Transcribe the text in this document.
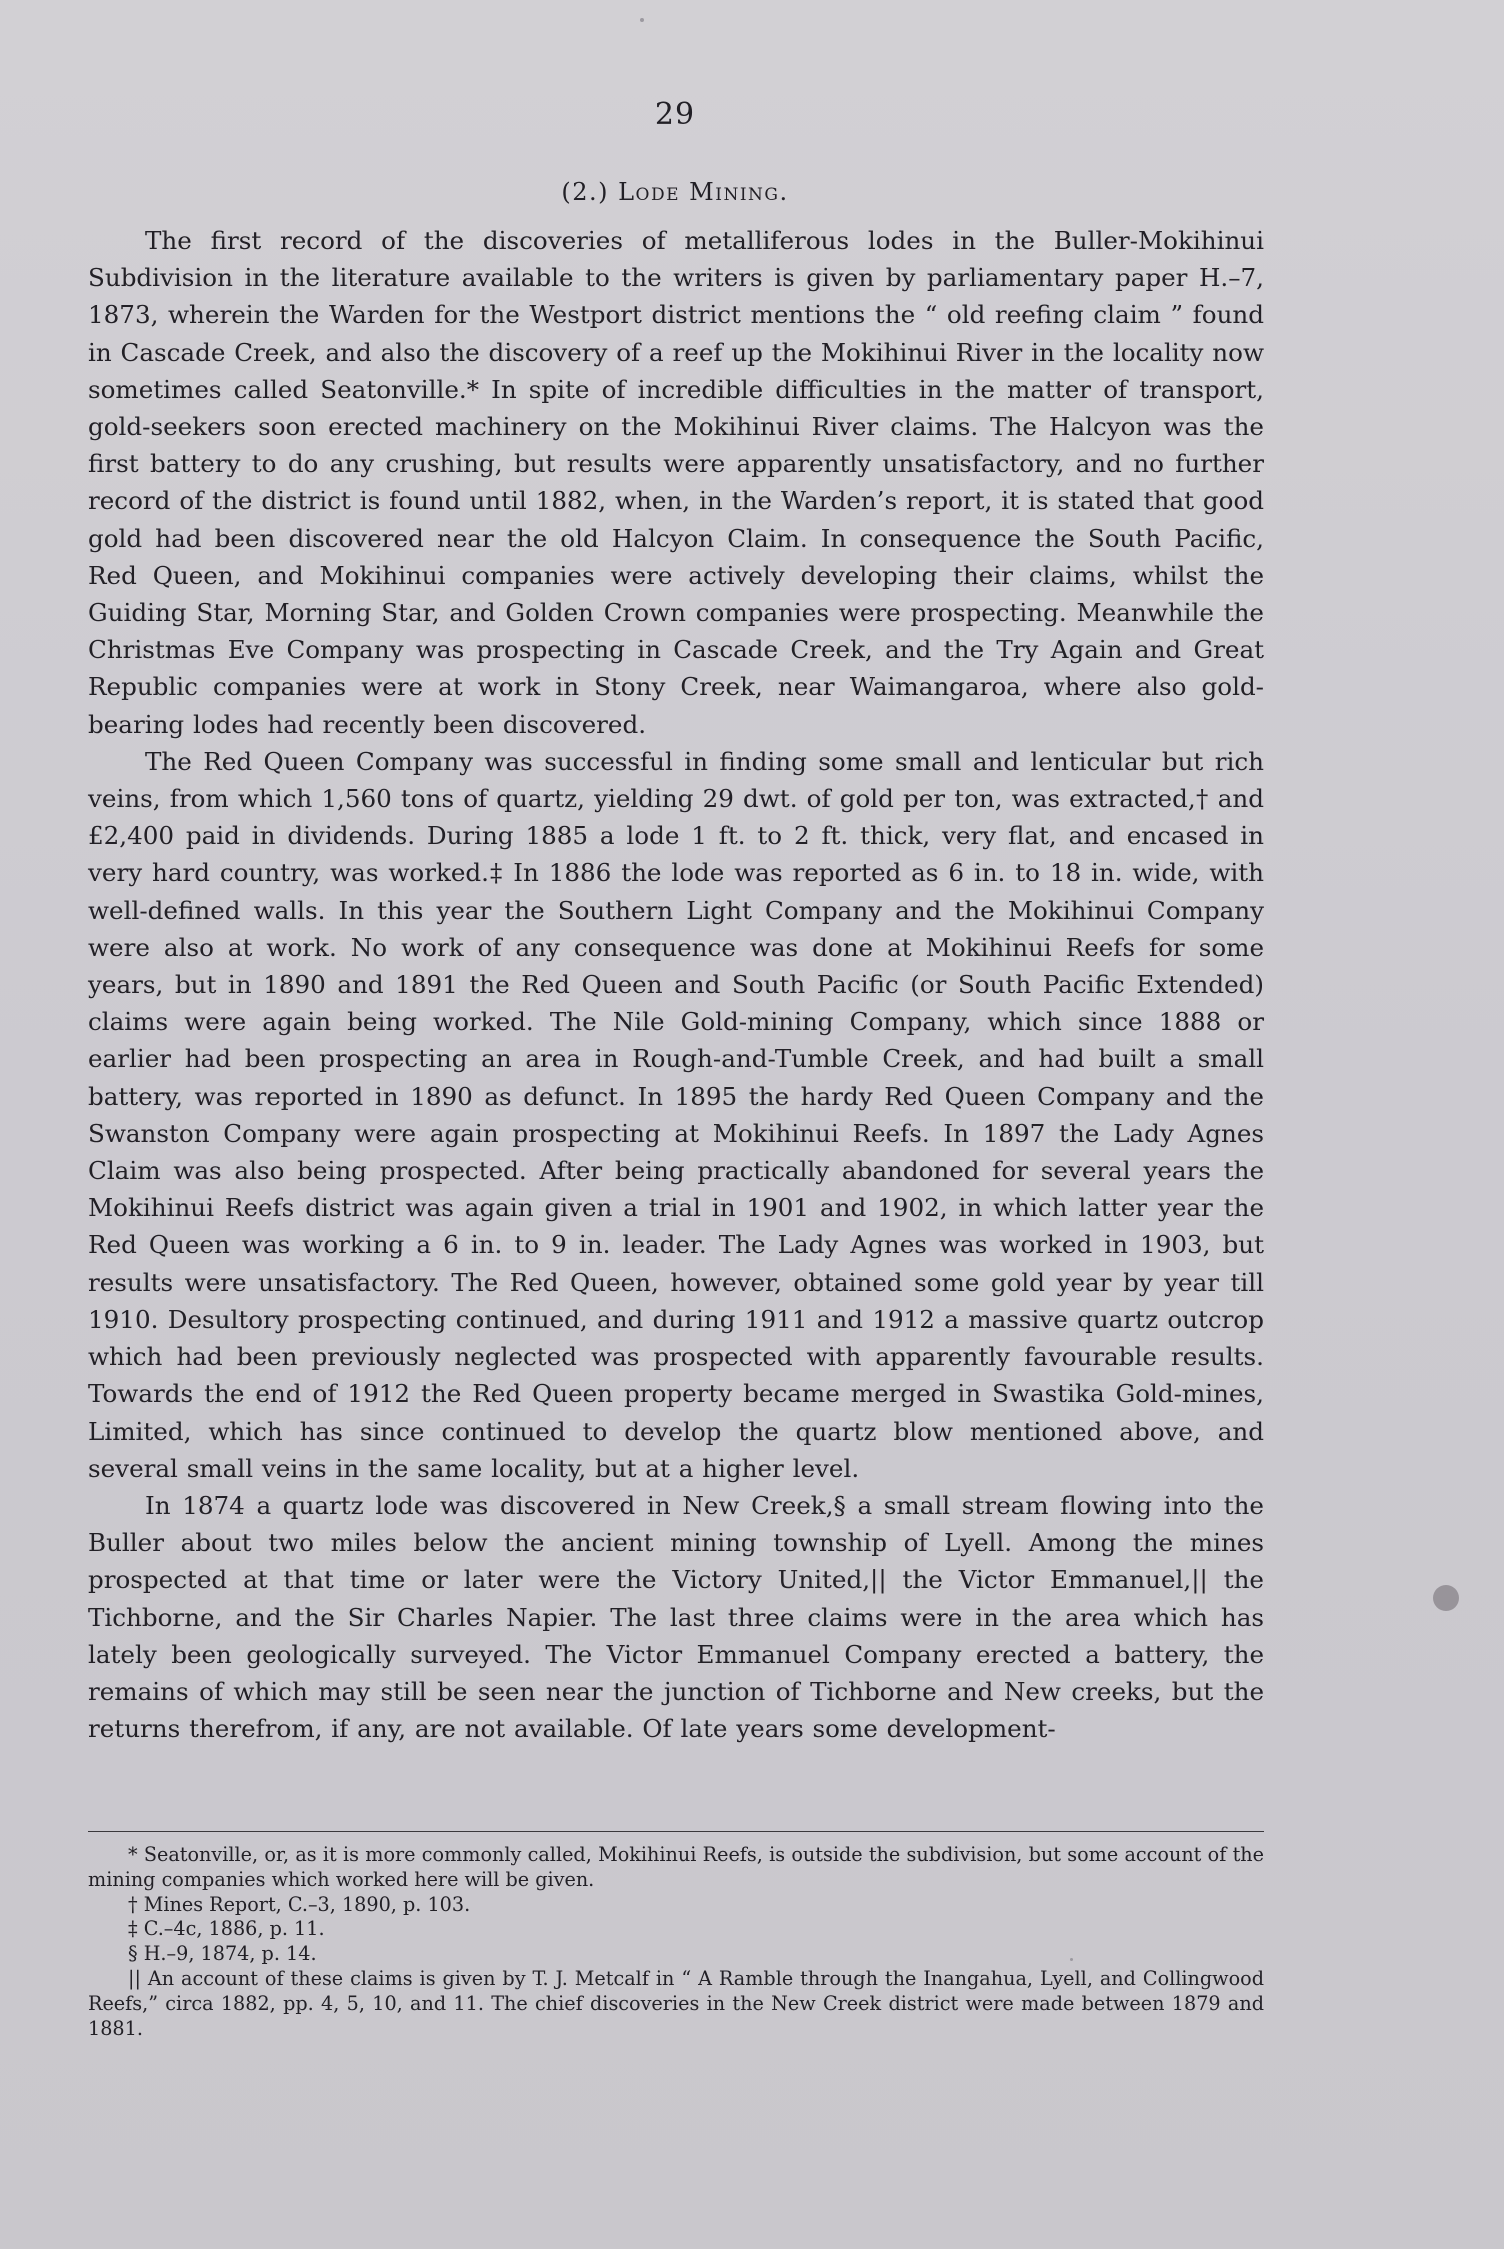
29
(2.) Lode Mining.

The first record of the discoveries of metalliferous lodes in the Buller-Mokihinui Subdivision in the literature available to the writers is given by parliamentary paper H.–7, 1873, wherein the Warden for the Westport district mentions the “ old reefing claim ” found in Cascade Creek, and also the discovery of a reef up the Mokihinui River in the locality now sometimes called Seatonville.* In spite of incredible difficulties in the matter of transport, gold-seekers soon erected machinery on the Mokihinui River claims. The Halcyon was the first battery to do any crushing, but results were apparently unsatisfactory, and no further record of the district is found until 1882, when, in the Warden’s report, it is stated that good gold had been discovered near the old Halcyon Claim. In consequence the South Pacific, Red Queen, and Mokihinui companies were actively developing their claims, whilst the Guiding Star, Morning Star, and Golden Crown companies were prospecting. Meanwhile the Christmas Eve Company was prospecting in Cascade Creek, and the Try Again and Great Republic companies were at work in Stony Creek, near Waimangaroa, where also gold-bearing lodes had recently been discovered.

The Red Queen Company was successful in finding some small and lenticular but rich veins, from which 1,560 tons of quartz, yielding 29 dwt. of gold per ton, was extracted,† and £2,400 paid in dividends. During 1885 a lode 1 ft. to 2 ft. thick, very flat, and encased in very hard country, was worked.‡ In 1886 the lode was reported as 6 in. to 18 in. wide, with well-defined walls. In this year the Southern Light Company and the Mokihinui Company were also at work. No work of any consequence was done at Mokihinui Reefs for some years, but in 1890 and 1891 the Red Queen and South Pacific (or South Pacific Extended) claims were again being worked. The Nile Gold-mining Company, which since 1888 or earlier had been prospecting an area in Rough-and-Tumble Creek, and had built a small battery, was reported in 1890 as defunct. In 1895 the hardy Red Queen Company and the Swanston Company were again prospecting at Mokihinui Reefs. In 1897 the Lady Agnes Claim was also being prospected. After being practically abandoned for several years the Mokihinui Reefs district was again given a trial in 1901 and 1902, in which latter year the Red Queen was working a 6 in. to 9 in. leader. The Lady Agnes was worked in 1903, but results were unsatisfactory. The Red Queen, however, obtained some gold year by year till 1910. Desultory prospecting continued, and during 1911 and 1912 a massive quartz outcrop which had been previously neglected was prospected with apparently favourable results. Towards the end of 1912 the Red Queen property became merged in Swastika Gold-mines, Limited, which has since continued to develop the quartz blow mentioned above, and several small veins in the same locality, but at a higher level.

In 1874 a quartz lode was discovered in New Creek,§ a small stream flowing into the Buller about two miles below the ancient mining township of Lyell. Among the mines prospected at that time or later were the Victory United,|| the Victor Emmanuel,|| the Tichborne, and the Sir Charles Napier. The last three claims were in the area which has lately been geologically surveyed. The Victor Emmanuel Company erected a battery, the remains of which may still be seen near the junction of Tichborne and New creeks, but the returns therefrom, if any, are not available. Of late years some development-

* Seatonville, or, as it is more commonly called, Mokihinui Reefs, is outside the subdivision, but some account of the mining companies which worked here will be given.

† Mines Report, C.–3, 1890, p. 103.

‡ C.–4c, 1886, p. 11.

§ H.–9, 1874, p. 14.

|| An account of these claims is given by T. J. Metcalf in “ A Ramble through the Inangahua, Lyell, and Collingwood Reefs,” circa 1882, pp. 4, 5, 10, and 11. The chief discoveries in the New Creek district were made between 1879 and 1881.
